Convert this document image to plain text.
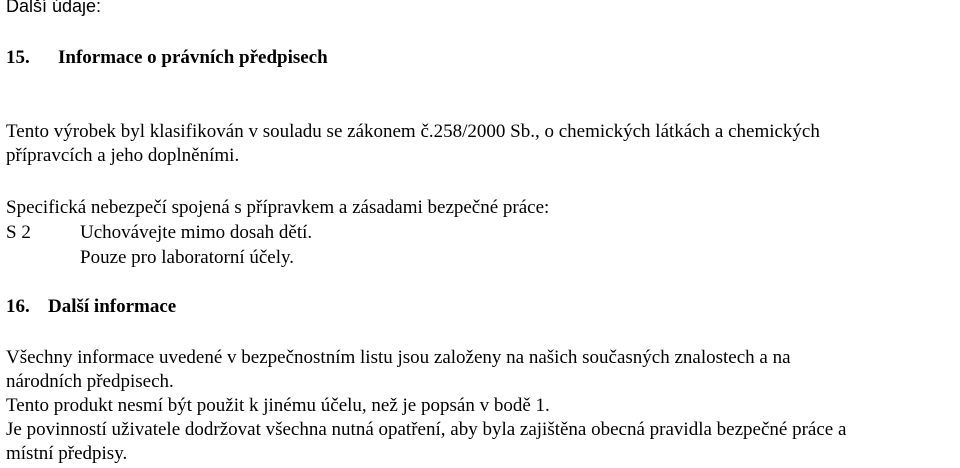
Další údaje:
15. Informace o právních předpisech
Tento výrobek byl klasifikován v souladu se zákonem č.258/2000 Sb., o chemických látkách a chemických
přípravcích a jeho doplněními.
Specifická nebezpečí spojená s přípravkem a zásadami bezpečné práce:
S 2	Uchovávejte mimo dosah dětí.
Pouze pro laboratorní účely.
16. Další informace
Všechny informace uvedené v bezpečnostním listu jsou založeny na našich současných znalostech a na
národních předpisech.
Tento produkt nesmí být použit k jinému účelu, než je popsán v bodě 1.
Je povinností uživatele dodržovat všechna nutná opatření, aby byla zajištěna obecná pravidla bezpečné práce a
místní předpisy.
